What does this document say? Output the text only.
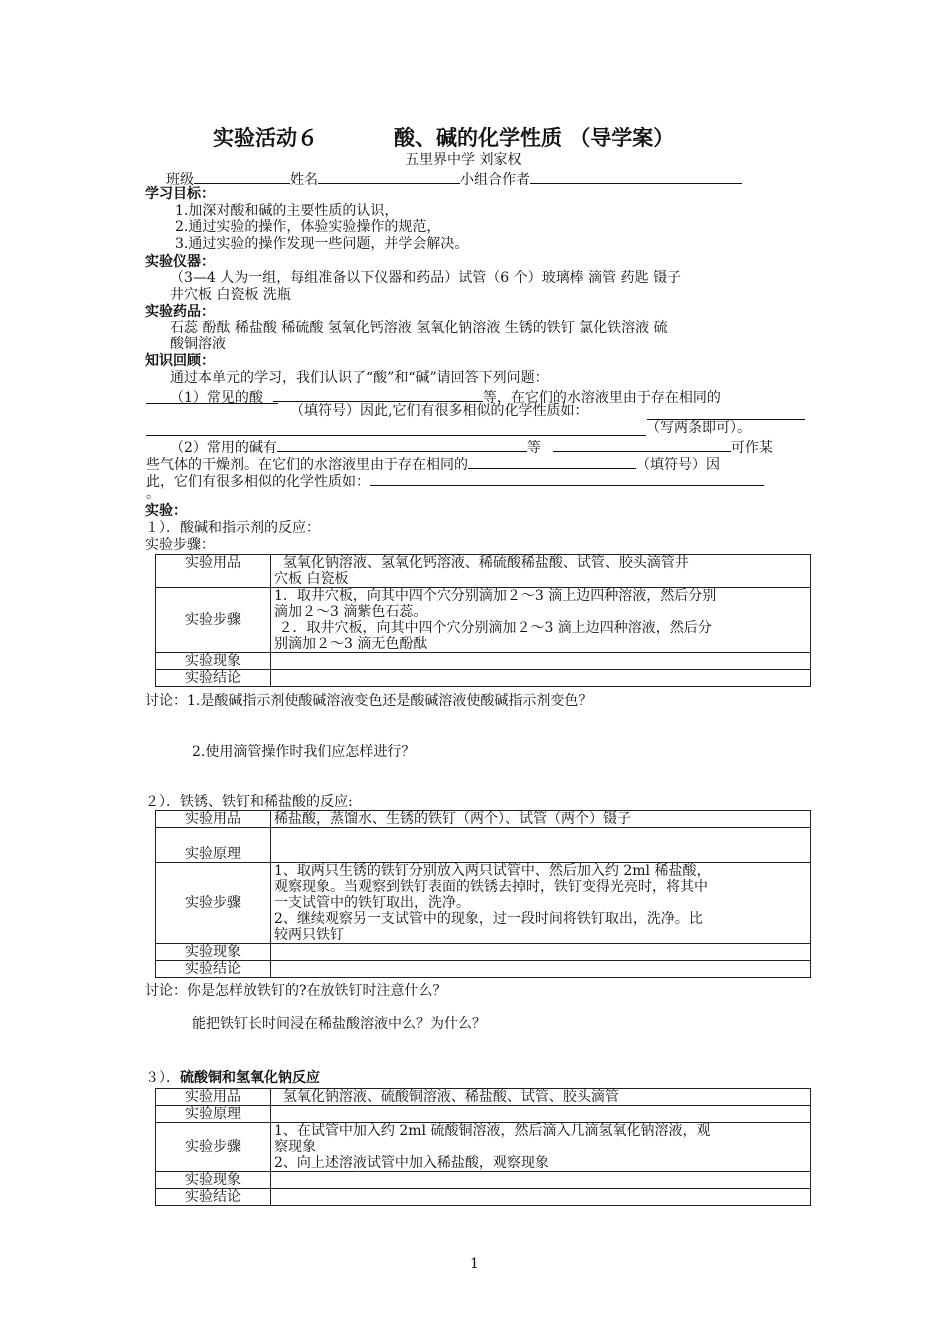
实验活动６	酸、碱的化学性质 （导学案）
五里界中学 刘家权
班级	姓名	小组合作者
学习目标：
1.加深对酸和碱的主要性质的认识，
2.通过实验的操作，体验实验操作的规范，
3.通过实验的操作发现一些问题，并学会解决。
实验仪器：
（3—4 人为一组，每组准备以下仪器和药品）试管（6 个）玻璃棒 滴管 药匙 镊子
井穴板 白瓷板 洗瓶
实验药品：
石蕊 酚酞 稀盐酸 稀硫酸 氢氧化钙溶液 氢氧化钠溶液 生锈的铁钉 氯化铁溶液 硫
酸铜溶液
知识回顾：
通过本单元的学习，我们认识了“酸”和“碱”请回答下列问题：
（1）常见的酸	等，在它们的水溶液里由于存在相同的
（填符号）因此,它们有很多相似的化学性质如：
（写两条即可）。
（2）常用的碱有	等	可作某
些气体的干燥剂。在它们的水溶液里由于存在相同的	（填符号）因
此，它们有很多相似的化学性质如：
。
实验：
１）．酸碱和指示剂的反应：
实验步骤：
实验用品	氢氧化钠溶液、氢氧化钙溶液、稀硫酸稀盐酸、试管、胶头滴管井
穴板 白瓷板

实验步骤	1．取井穴板，向其中四个穴分别滴加２～3 滴上边四种溶液，然后分别
滴加２～3 滴紫色石蕊。
２．取井穴板，向其中四个穴分别滴加２～3 滴上边四种溶液，然后分
别滴加２～3 滴无色酚酞

实验现象	
实验结论	
讨论：1.是酸碱指示剂使酸碱溶液变色还是酸碱溶液使酸碱指示剂变色？
2.使用滴管操作时我们应怎样进行？
２）．铁锈、铁钉和稀盐酸的反应:
实验用品	稀盐酸，蒸馏水、生锈的铁钉（两个）、试管（两个）镊子
实验原理	
实验步骤	1、取两只生锈的铁钉分别放入两只试管中、然后加入约 2ml 稀盐酸，
观察现象。当观察到铁钉表面的铁锈去掉时，铁钉变得光亮时，将其中
一支试管中的铁钉取出，洗净。
2、继续观察另一支试管中的现象，过一段时间将铁钉取出，洗净。比
较两只铁钉

实验现象	
实验结论	
讨论：你是怎样放铁钉的?在放铁钉时注意什么？
能把铁钉长时间浸在稀盐酸溶液中么？为什么？
３）．硫酸铜和氢氧化钠反应
实验用品	氢氧化钠溶液、硫酸铜溶液、稀盐酸、试管、胶头滴管
实验原理	
实验步骤	1、在试管中加入约 2ml 硫酸铜溶液，然后滴入几滴氢氧化钠溶液，观
察现象
2、向上述溶液试管中加入稀盐酸，观察现象

实验现象	
实验结论	
1
